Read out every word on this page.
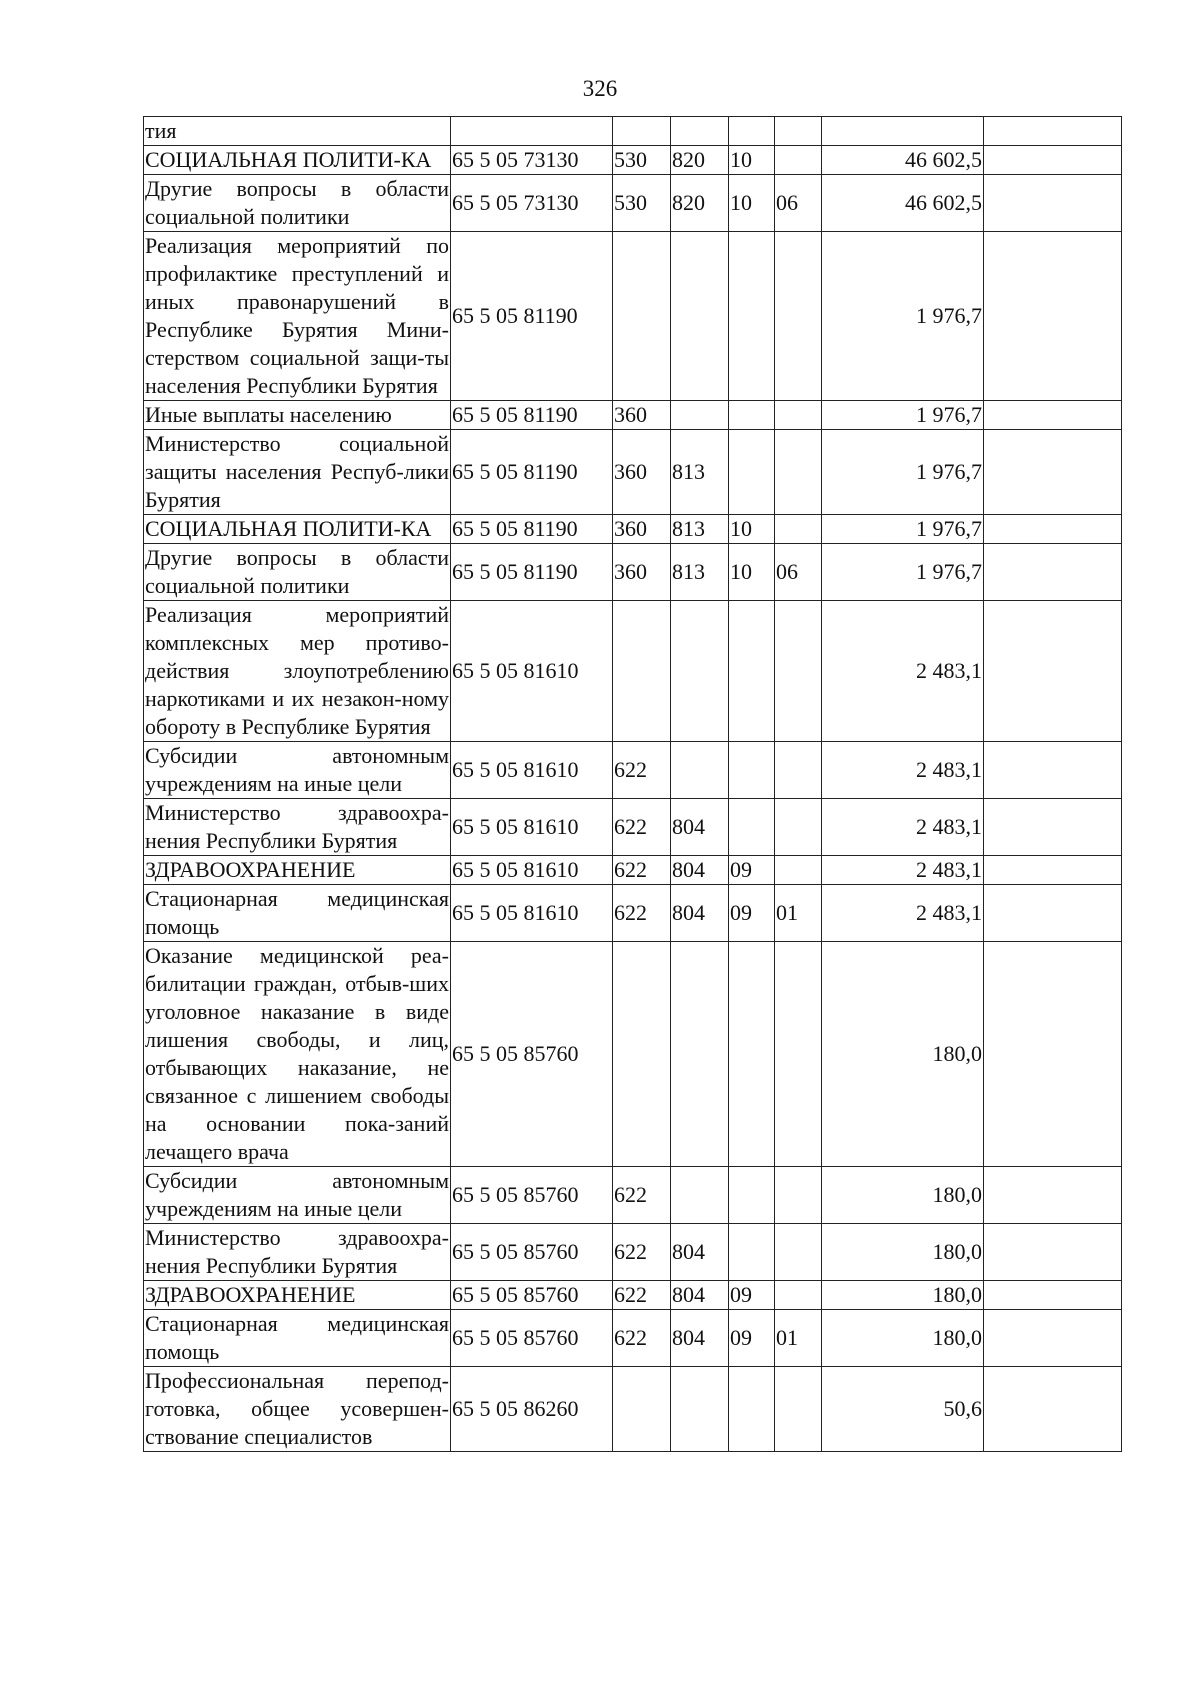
326
тия							
СОЦИАЛЬНАЯ ПОЛИТИ-КА	65 5 05 73130	530	820	10		46 602,5	
Другие вопросы в области социальной политики	65 5 05 73130	530	820	10	06	46 602,5	
Реализация мероприятий по профилактике преступлений и иных правонарушений в Республике Бурятия Мини-стерством социальной защи-ты населения Республики Бурятия	65 5 05 81190					1 976,7	
Иные выплаты населению	65 5 05 81190	360				1 976,7	
Министерство социальной защиты населения Респуб-лики Бурятия	65 5 05 81190	360	813			1 976,7	
СОЦИАЛЬНАЯ ПОЛИТИ-КА	65 5 05 81190	360	813	10		1 976,7	
Другие вопросы в области социальной политики	65 5 05 81190	360	813	10	06	1 976,7	
Реализация мероприятий комплексных мер противо-действия злоупотреблению наркотиками и их незакон-ному обороту в Республике Бурятия	65 5 05 81610					2 483,1	
Субсидии автономным учреждениям на иные цели	65 5 05 81610	622				2 483,1	
Министерство здравоохра-нения Республики Бурятия	65 5 05 81610	622	804			2 483,1	
ЗДРАВООХРАНЕНИЕ	65 5 05 81610	622	804	09		2 483,1	
Стационарная медицинская помощь	65 5 05 81610	622	804	09	01	2 483,1	
Оказание медицинской реа-билитации граждан, отбыв-ших уголовное наказание в виде лишения свободы, и лиц, отбывающих наказание, не связанное с лишением свободы на основании пока-заний лечащего врача	65 5 05 85760					180,0	
Субсидии автономным учреждениям на иные цели	65 5 05 85760	622				180,0	
Министерство здравоохра-нения Республики Бурятия	65 5 05 85760	622	804			180,0	
ЗДРАВООХРАНЕНИЕ	65 5 05 85760	622	804	09		180,0	
Стационарная медицинская помощь	65 5 05 85760	622	804	09	01	180,0	
Профессиональная перепод-готовка, общее усовершен-ствование специалистов	65 5 05 86260					50,6	
